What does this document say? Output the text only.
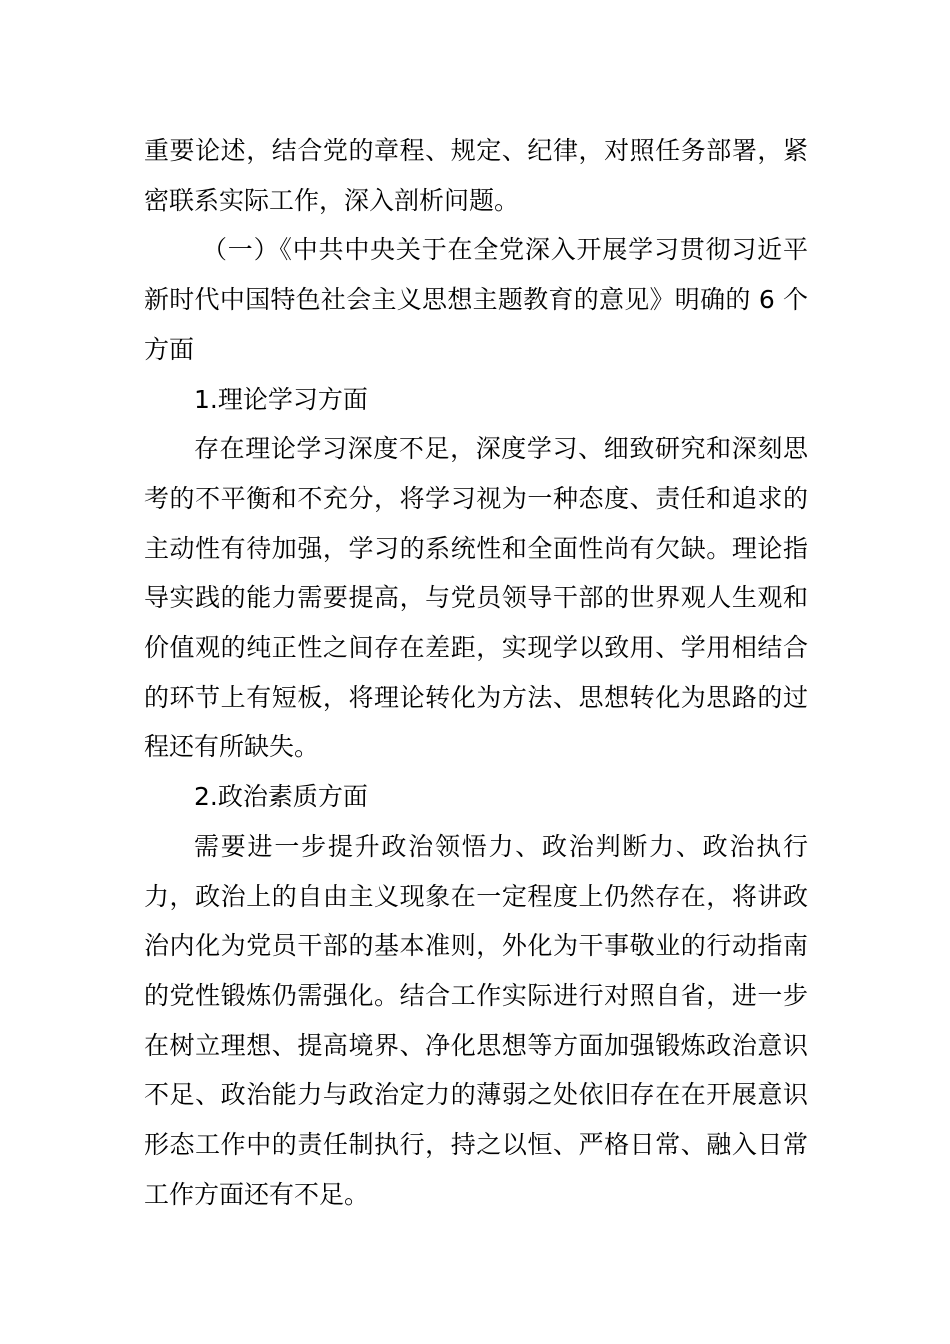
重要论述，结合党的章程、规定、纪律，对照任务部署，紧密联系实际工作，深入剖析问题。

（一）《中共中央关于在全党深入开展学习贯彻习近平新时代中国特色社会主义思想主题教育的意见》明确的 6 个方面

1.理论学习方面

存在理论学习深度不足，深度学习、细致研究和深刻思考的不平衡和不充分，将学习视为一种态度、责任和追求的主动性有待加强，学习的系统性和全面性尚有欠缺。理论指导实践的能力需要提高，与党员领导干部的世界观人生观和价值观的纯正性之间存在差距，实现学以致用、学用相结合的环节上有短板，将理论转化为方法、思想转化为思路的过程还有所缺失。

2.政治素质方面

需要进一步提升政治领悟力、政治判断力、政治执行力，政治上的自由主义现象在一定程度上仍然存在，将讲政治内化为党员干部的基本准则，外化为干事敬业的行动指南的党性锻炼仍需强化。结合工作实际进行对照自省，进一步在树立理想、提高境界、净化思想等方面加强锻炼政治意识不足、政治能力与政治定力的薄弱之处依旧存在在开展意识形态工作中的责任制执行，持之以恒、严格日常、融入日常工作方面还有不足。
